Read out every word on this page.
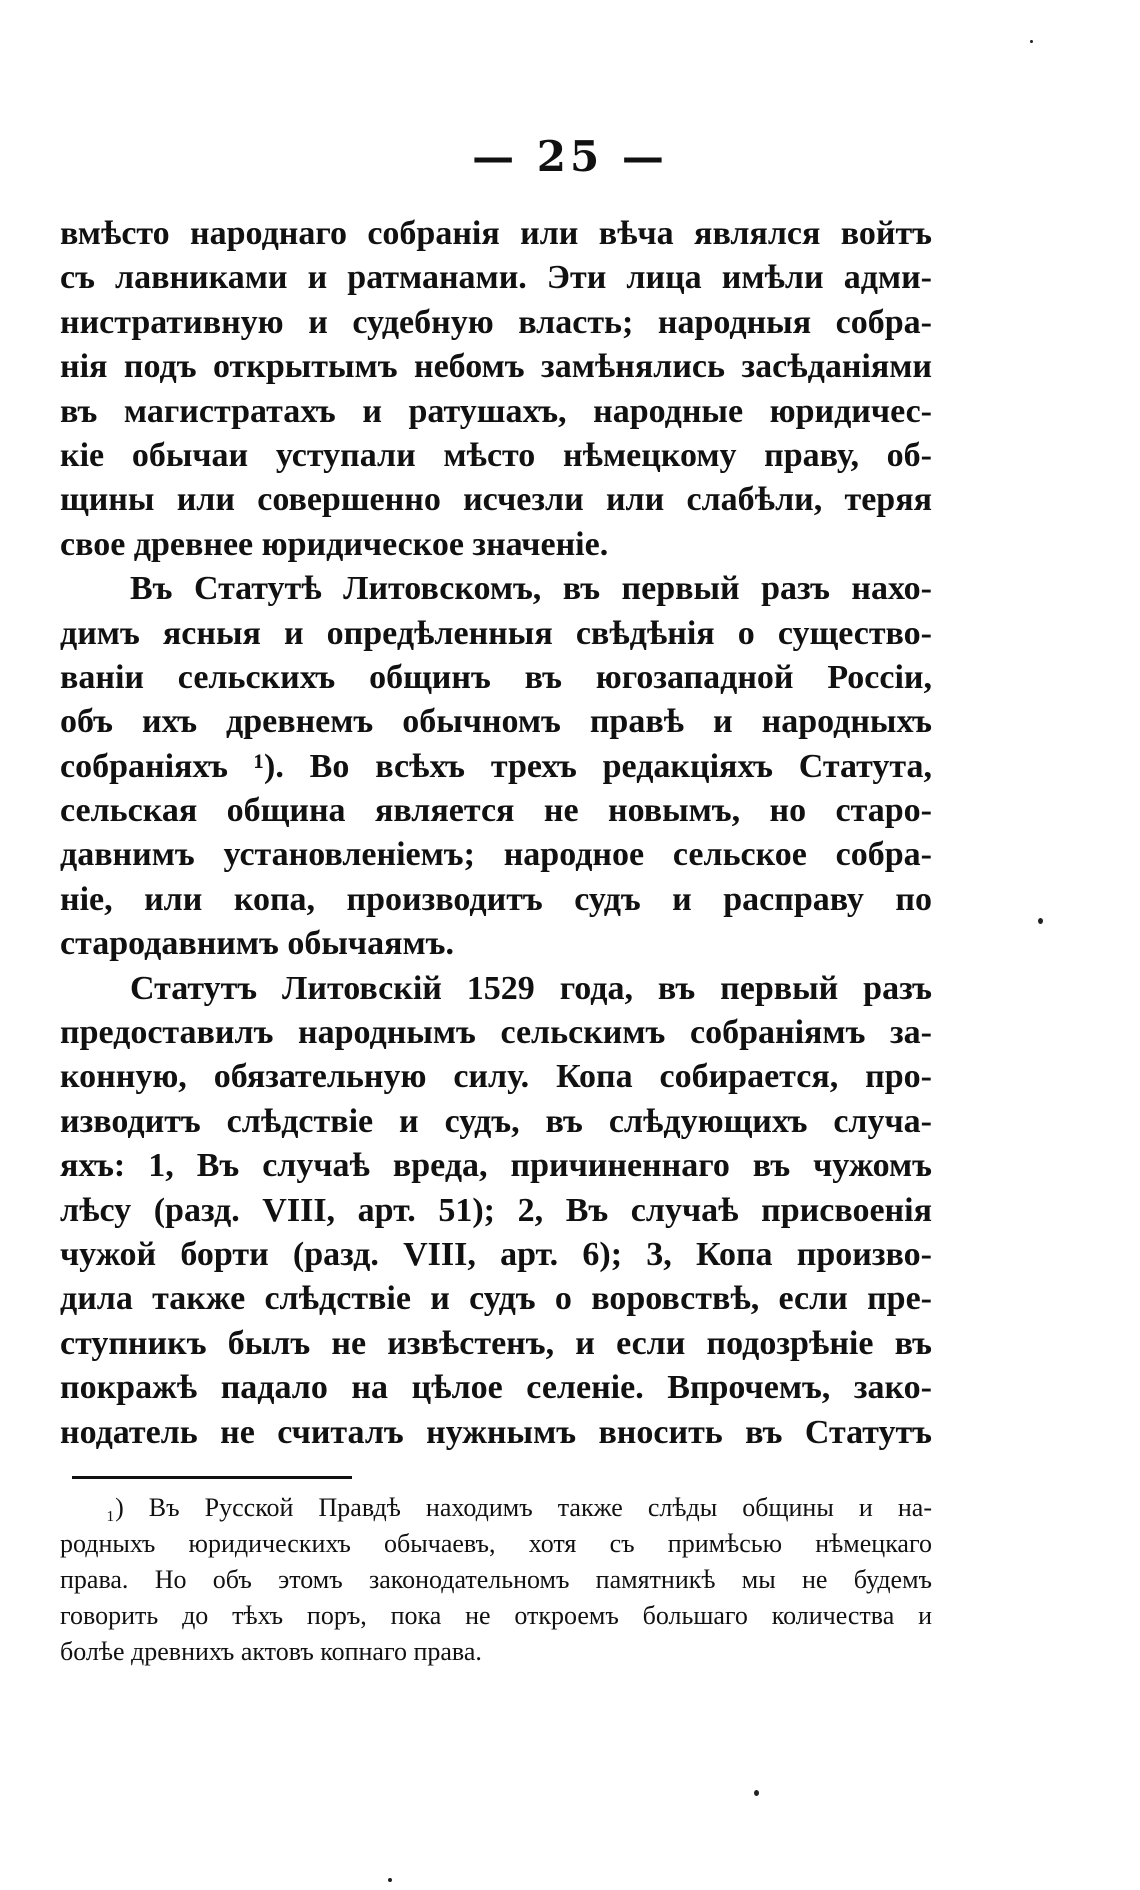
— 25 —
вмѣсто народнаго собранія или вѣча являлся войтъ
съ лавниками и ратманами. Эти лица имѣли адми-
нистративную и судебную власть; народныя собра-
нія подъ открытымъ небомъ замѣнялись засѣданіями
въ магистратахъ и ратушахъ, народные юридичес-
кіе обычаи уступали мѣсто нѣмецкому праву, об-
щины или совершенно исчезли или слабѣли, теряя
свое древнее юридическое значеніе.
Въ Статутѣ Литовскомъ, въ первый разъ нахо-
димъ ясныя и опредѣленныя свѣдѣнія о существо-
ваніи сельскихъ общинъ въ югозападной Россіи,
объ ихъ древнемъ обычномъ правѣ и народныхъ
собраніяхъ ¹). Во всѣхъ трехъ редакціяхъ Статута,
сельская община является не новымъ, но старо-
давнимъ установленіемъ; народное сельское собра-
ніе, или копа, производитъ судъ и расправу по
стародавнимъ обычаямъ.
Статутъ Литовскій 1529 года, въ первый разъ
предоставилъ народнымъ сельскимъ собраніямъ за-
конную, обязательную силу. Копа собирается, про-
изводитъ слѣдствіе и судъ, въ слѣдующихъ случа-
яхъ: 1, Въ случаѣ вреда, причиненнаго въ чужомъ
лѣсу (разд. VIII, арт. 51); 2, Въ случаѣ присвоенія
чужой борти (разд. VIII, арт. 6); 3, Копа произво-
дила также слѣдствіе и судъ о воровствѣ, если пре-
ступникъ былъ не извѣстенъ, и если подозрѣніе въ
покражѣ падало на цѣлое селеніе. Впрочемъ, зако-
нодатель не считалъ нужнымъ вносить въ Статутъ
₁) Въ Русской Правдѣ находимъ также слѣды общины и на-
родныхъ юридическихъ обычаевъ, хотя съ примѣсью нѣмецкаго
права. Но объ этомъ законодательномъ памятникѣ мы не будемъ
говорить до тѣхъ поръ, пока не откроемъ большаго количества и
болѣе древнихъ актовъ копнаго права.
